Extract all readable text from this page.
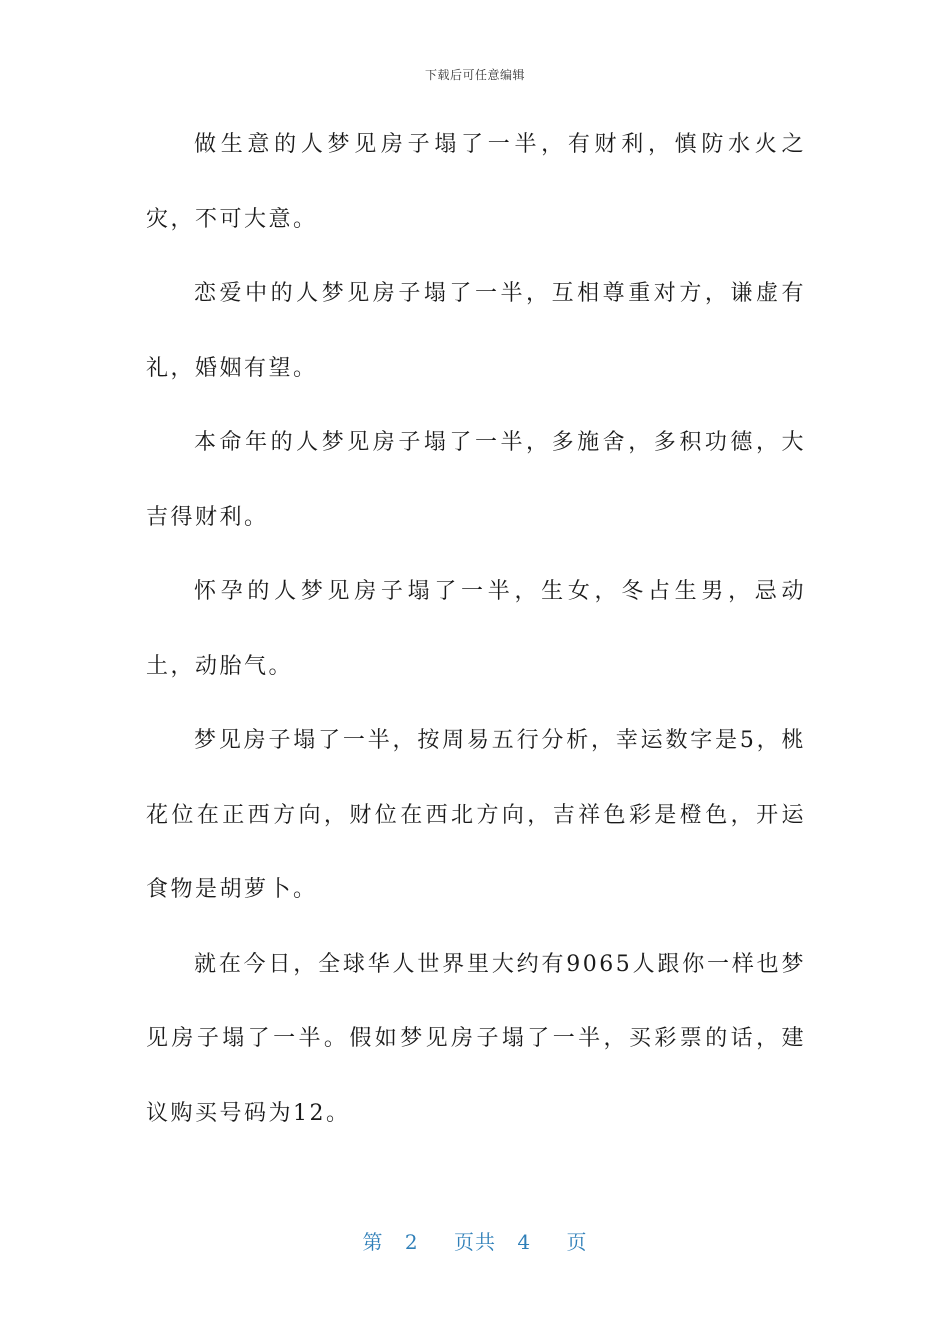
下载后可任意编辑

做生意的人梦见房子塌了一半，有财利，慎防水火之灾，不可大意。

恋爱中的人梦见房子塌了一半，互相尊重对方，谦虚有礼，婚姻有望。

本命年的人梦见房子塌了一半，多施舍，多积功德，大吉得财利。

怀孕的人梦见房子塌了一半，生女，冬占生男，忌动土，动胎气。

梦见房子塌了一半，按周易五行分析，幸运数字是5，桃花位在正西方向，财位在西北方向，吉祥色彩是橙色，开运食物是胡萝卜。

就在今日，全球华人世界里大约有9065人跟你一样也梦见房子塌了一半。假如梦见房子塌了一半，买彩票的话，建议购买号码为12。

第 2 页共 4 页
